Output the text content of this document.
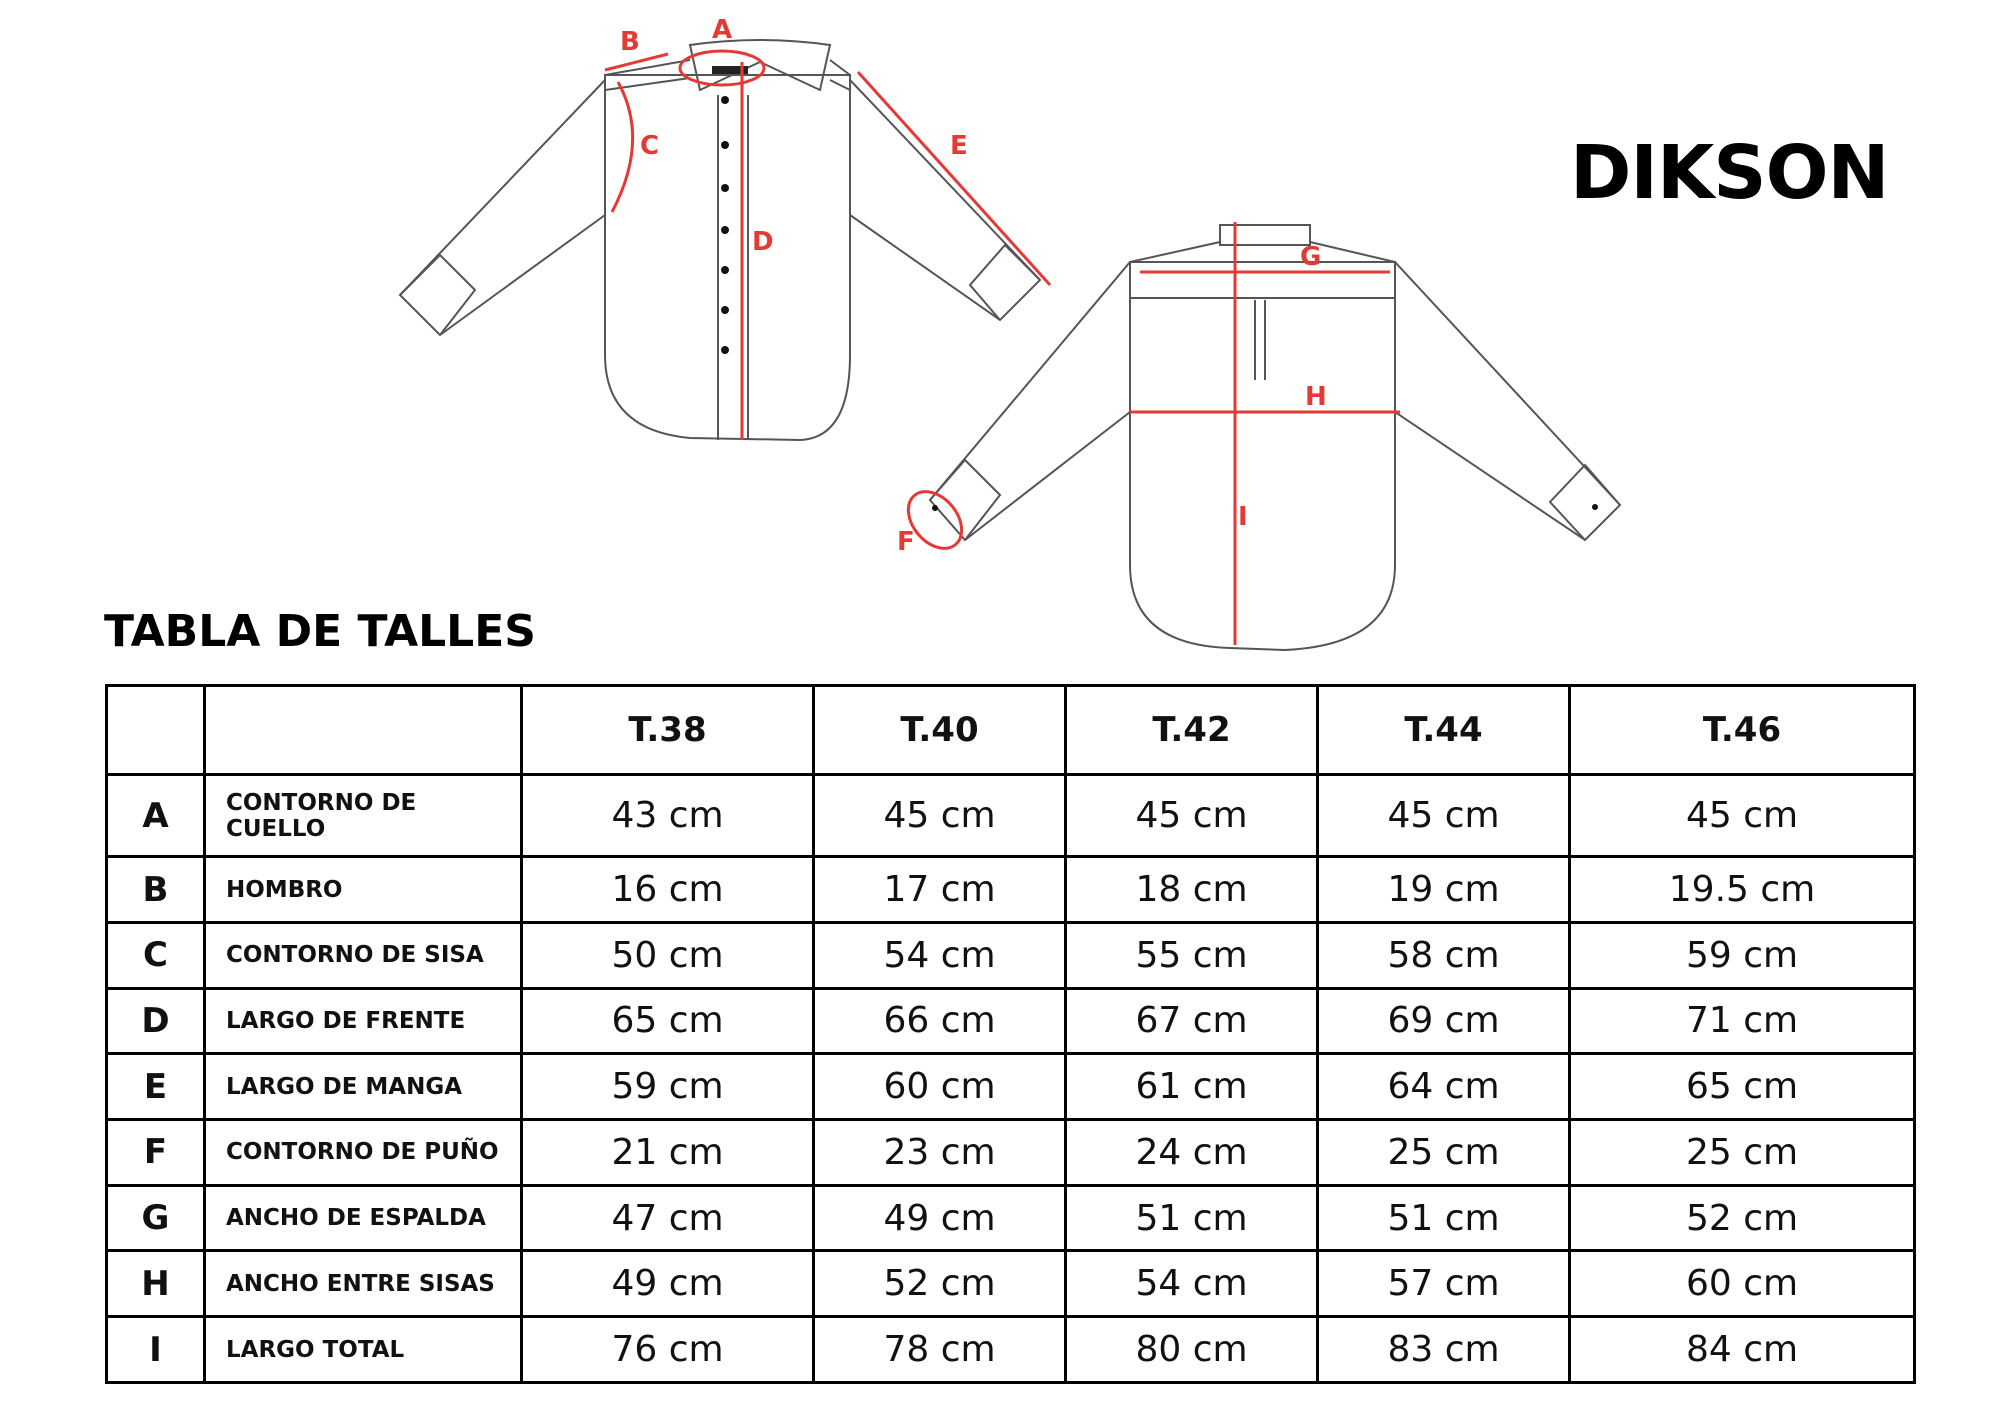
A
B
C
D
E
F
G
H
I
DIKSON
TABLA DE TALLES
		T.38	T.40	T.42	T.44	T.46
A	CONTORNO DE CUELLO	43 cm	45 cm	45 cm	45 cm	45 cm
B	HOMBRO	16 cm	17 cm	18 cm	19 cm	19.5 cm
C	CONTORNO DE SISA	50 cm	54 cm	55 cm	58 cm	59 cm
D	LARGO DE FRENTE	65 cm	66 cm	67 cm	69 cm	71 cm
E	LARGO DE MANGA	59 cm	60 cm	61 cm	64 cm	65 cm
F	CONTORNO DE PUÑO	21 cm	23 cm	24 cm	25 cm	25 cm
G	ANCHO DE ESPALDA	47 cm	49 cm	51 cm	51 cm	52 cm
H	ANCHO ENTRE SISAS	49 cm	52 cm	54 cm	57 cm	60 cm
I	LARGO TOTAL	76 cm	78 cm	80 cm	83 cm	84 cm
